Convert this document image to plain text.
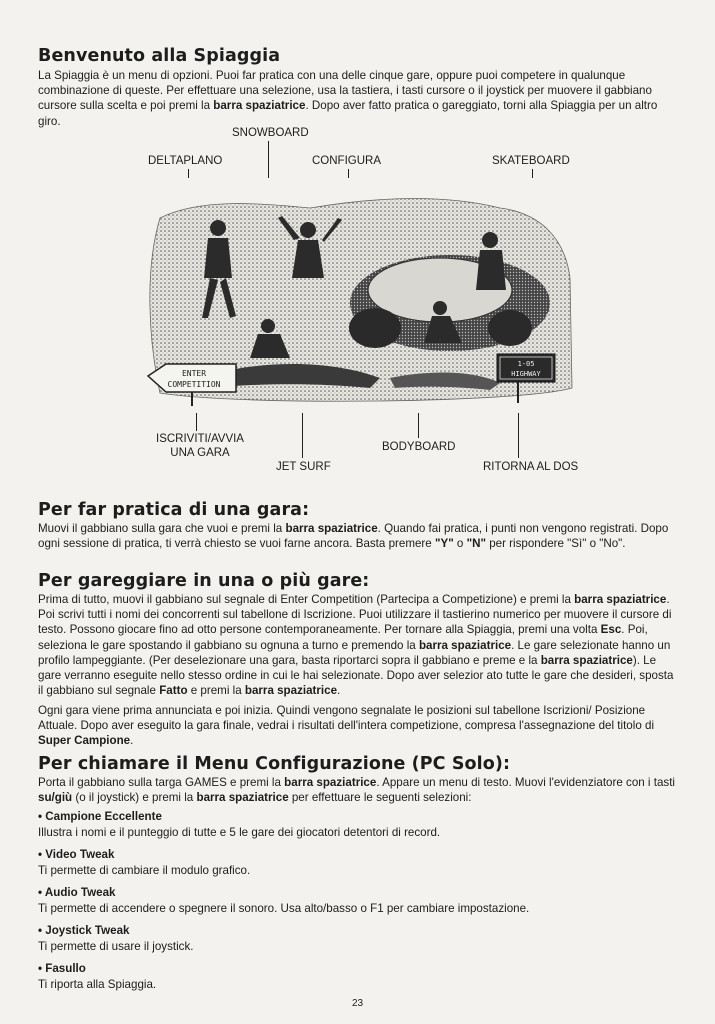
Benvenuto alla Spiaggia

La Spiaggia è un menu di opzioni. Puoi far pratica con una delle cinque gare, oppure puoi competere in qualunque combinazione di queste. Per effettuare una selezione, usa la tastiera, i tasti cursore o il joystick per muovere il gabbiano cursore sulla scelta e poi premi la barra spaziatrice. Dopo aver fatto pratica o gareggiato, torni alla Spiaggia per un altro giro.

SNOWBOARD
DELTAPLANO	CONFIGURA	SKATEBOARD
ISCRIVITI/AVVIA UNA GARA	BODYBOARD
JET SURF	RITORNA AL DOS
ENTER
COMPETITION
1-05
HIGHWAY
Per far pratica di una gara:

Muovi il gabbiano sulla gara che vuoi e premi la barra spaziatrice. Quando fai pratica, i punti non vengono registrati. Dopo ogni sessione di pratica, ti verrà chiesto se vuoi farne ancora. Basta premere "Y" o "N" per rispondere "Sì" o "No".

Per gareggiare in una o più gare:

Prima di tutto, muovi il gabbiano sul segnale di Enter Competition (Partecipa a Competizione) e premi la barra spaziatrice. Poi scrivi tutti i nomi dei concorrenti sul tabellone di Iscrizione. Puoi utilizzare il tastierino numerico per muovere il cursore di testo. Possono giocare fino ad otto persone contemporaneamente. Per tornare alla Spiaggia, premi una volta Esc. Poi, seleziona le gare spostando il gabbiano su ognuna a turno e premendo la barra spaziatrice. Le gare selezionate hanno un profilo lampeggiante. (Per deselezionare una gara, basta riportarci sopra il gabbiano e preme e la barra spaziatrice). Le gare verranno eseguite nello stesso ordine in cui le hai selezionate. Dopo aver selezior ato tutte le gare che desideri, sposta il gabbiano sul segnale Fatto e premi la barra spaziatrice.

Ogni gara viene prima annunciata e poi inizia. Quindi vengono segnalate le posizioni sul tabellone Iscrizioni/ Posizione Attuale. Dopo aver eseguito la gara finale, vedrai i risultati dell'intera competizione, compresa l'assegnazione del titolo di Super Campione.

Per chiamare il Menu Configurazione (PC Solo):

Porta il gabbiano sulla targa GAMES e premi la barra spaziatrice. Appare un menu di testo. Muovi l'evidenziatore con i tasti su/giù (o il joystick) e premi la barra spaziatrice per effettuare le seguenti selezioni:

• Campione Eccellente
Illustra i nomi e il punteggio di tutte e 5 le gare dei giocatori detentori di record.
• Video Tweak
Ti permette di cambiare il modulo grafico.
• Audio Tweak
Ti permette di accendere o spegnere il sonoro. Usa alto/basso o F1 per cambiare impostazione.
• Joystick Tweak
Ti permette di usare il joystick.
• Fasullo
Ti riporta alla Spiaggia.
23
